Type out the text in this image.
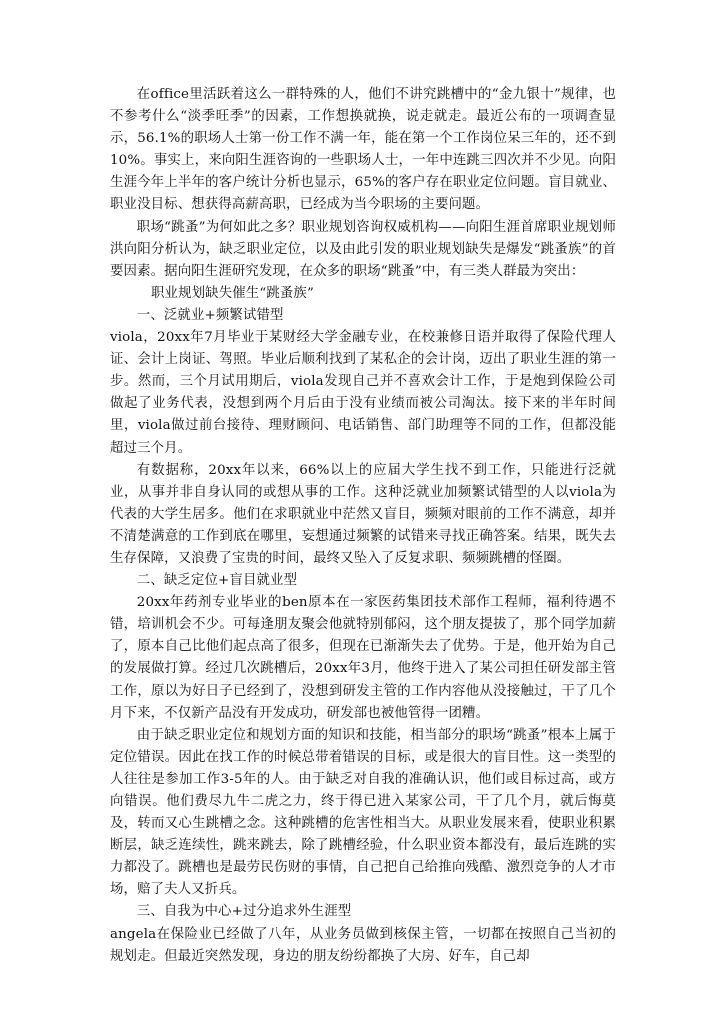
在office里活跃着这么一群特殊的人，他们不讲究跳槽中的“金九银十”规律，也不参考什么“淡季旺季”的因素，工作想换就换，说走就走。最近公布的一项调查显示，56.1%的职场人士第一份工作不满一年，能在第一个工作岗位呆三年的，还不到10%。事实上，来向阳生涯咨询的一些职场人士，一年中连跳三四次并不少见。向阳生涯今年上半年的客户统计分析也显示，65%的客户存在职业定位问题。盲目就业、职业没目标、想获得高薪高职，已经成为当今职场的主要问题。

职场“跳蚤”为何如此之多？职业规划咨询权威机构——向阳生涯首席职业规划师洪向阳分析认为，缺乏职业定位，以及由此引发的职业规划缺失是爆发“跳蚤族”的首要因素。据向阳生涯研究发现，在众多的职场“跳蚤”中，有三类人群最为突出：

职业规划缺失催生“跳蚤族”

一、泛就业+频繁试错型

viola，20xx年7月毕业于某财经大学金融专业，在校兼修日语并取得了保险代理人证、会计上岗证、驾照。毕业后顺利找到了某私企的会计岗，迈出了职业生涯的第一步。然而，三个月试用期后，viola发现自己并不喜欢会计工作，于是炮到保险公司做起了业务代表，没想到两个月后由于没有业绩而被公司淘汰。接下来的半年时间里，viola做过前台接待、理财顾问、电话销售、部门助理等不同的工作，但都没能超过三个月。

有数据称，20xx年以来，66%以上的应届大学生找不到工作，只能进行泛就业，从事并非自身认同的或想从事的工作。这种泛就业加频繁试错型的人以viola为代表的大学生居多。他们在求职就业中茫然又盲目，频频对眼前的工作不满意，却并不清楚满意的工作到底在哪里，妄想通过频繁的试错来寻找正确答案。结果，既失去生存保障，又浪费了宝贵的时间，最终又坠入了反复求职、频频跳槽的怪圈。

二、缺乏定位+盲目就业型

20xx年药剂专业毕业的ben原本在一家医药集团技术部作工程师，福利待遇不错，培训机会不少。可每逢朋友聚会他就特别郁闷，这个朋友提拔了，那个同学加薪了，原本自己比他们起点高了很多，但现在已渐渐失去了优势。于是，他开始为自己的发展做打算。经过几次跳槽后，20xx年3月，他终于进入了某公司担任研发部主管工作，原以为好日子已经到了，没想到研发主管的工作内容他从没接触过，干了几个月下来，不仅新产品没有开发成功，研发部也被他管得一团糟。

由于缺乏职业定位和规划方面的知识和技能，相当部分的职场“跳蚤”根本上属于定位错误。因此在找工作的时候总带着错误的目标，或是很大的盲目性。这一类型的人往往是参加工作3-5年的人。由于缺乏对自我的准确认识，他们或目标过高，或方向错误。他们费尽九牛二虎之力，终于得已进入某家公司，干了几个月，就后悔莫及，转而又心生跳槽之念。这种跳槽的危害性相当大。从职业发展来看，使职业积累断层，缺乏连续性，跳来跳去，除了跳槽经验，什么职业资本都没有，最后连跳的实力都没了。跳槽也是最劳民伤财的事情，自己把自己给推向残酷、激烈竞争的人才市场，赔了夫人又折兵。

三、自我为中心+过分追求外生涯型

angela在保险业已经做了八年，从业务员做到核保主管，一切都在按照自己当初的规划走。但最近突然发现，身边的朋友纷纷都换了大房、好车，自己却
